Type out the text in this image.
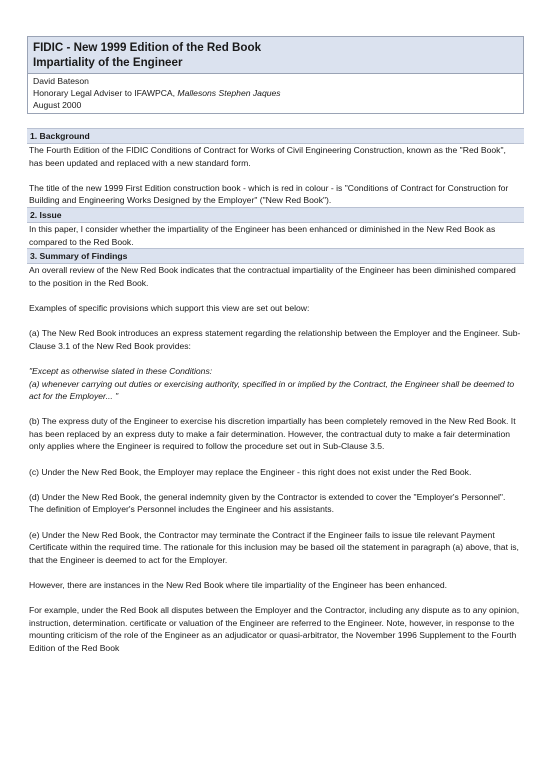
FIDIC - New 1999 Edition of the Red Book
Impartiality of the Engineer
David Bateson
Honorary Legal Adviser to IFAWPCA, Mallesons Stephen Jaques
August 2000
1. Background

The Fourth Edition of the FIDIC Conditions of Contract for Works of Civil Engineering Construction, known as the "Red Book", has been updated and replaced with a new standard form.

The title of the new 1999 First Edition construction book - which is red in colour - is "Conditions of Contract for Construction for Building and Engineering Works Designed by the Employer" ("New Red Book").

2. Issue

In this paper, I consider whether the impartiality of the Engineer has been enhanced or diminished in the New Red Book as compared to the Red Book.

3. Summary of Findings

An overall review of the New Red Book indicates that the contractual impartiality of the Engineer has been diminished compared to the position in the Red Book.

Examples of specific provisions which support this view are set out below:

(a) The New Red Book introduces an express statement regarding the relationship between the Employer and the Engineer. Sub-Clause 3.1 of the New Red Book provides:

"Except as otherwise slated in these Conditions:

(a) whenever carrying out duties or exercising authority, specified in or implied by the Contract, the Engineer shall be deemed to act for the Employer... "

(b) The express duty of the Engineer to exercise his discretion impartially has been completely removed in the New Red Book. It has been replaced by an express duty to make a fair determination. However, the contractual duty to make a fair determination only applies where the Engineer is required to follow the procedure set out in Sub-Clause 3.5.

(c) Under the New Red Book, the Employer may replace the Engineer - this right does not exist under the Red Book.

(d) Under the New Red Book, the general indemnity given by the Contractor is extended to cover the "Employer's Personnel". The definition of Employer's Personnel includes the Engineer and his assistants.

(e) Under the New Red Book, the Contractor may terminate the Contract if the Engineer fails to issue tile relevant Payment Certificate within the required time. The rationale for this inclusion may be based oil the statement in paragraph (a) above, that is, that the Engineer is deemed to act for the Employer.

However, there are instances in the New Red Book where tile impartiality of the Engineer has been enhanced.

For example, under the Red Book all disputes between the Employer and the Contractor, including any dispute as to any opinion, instruction, determination. certificate or valuation of the Engineer are referred to the Engineer. Note, however, in response to the mounting criticism of the role of the Engineer as an adjudicator or quasi-arbitrator, the November 1996 Supplement to the Fourth Edition of the Red Book
